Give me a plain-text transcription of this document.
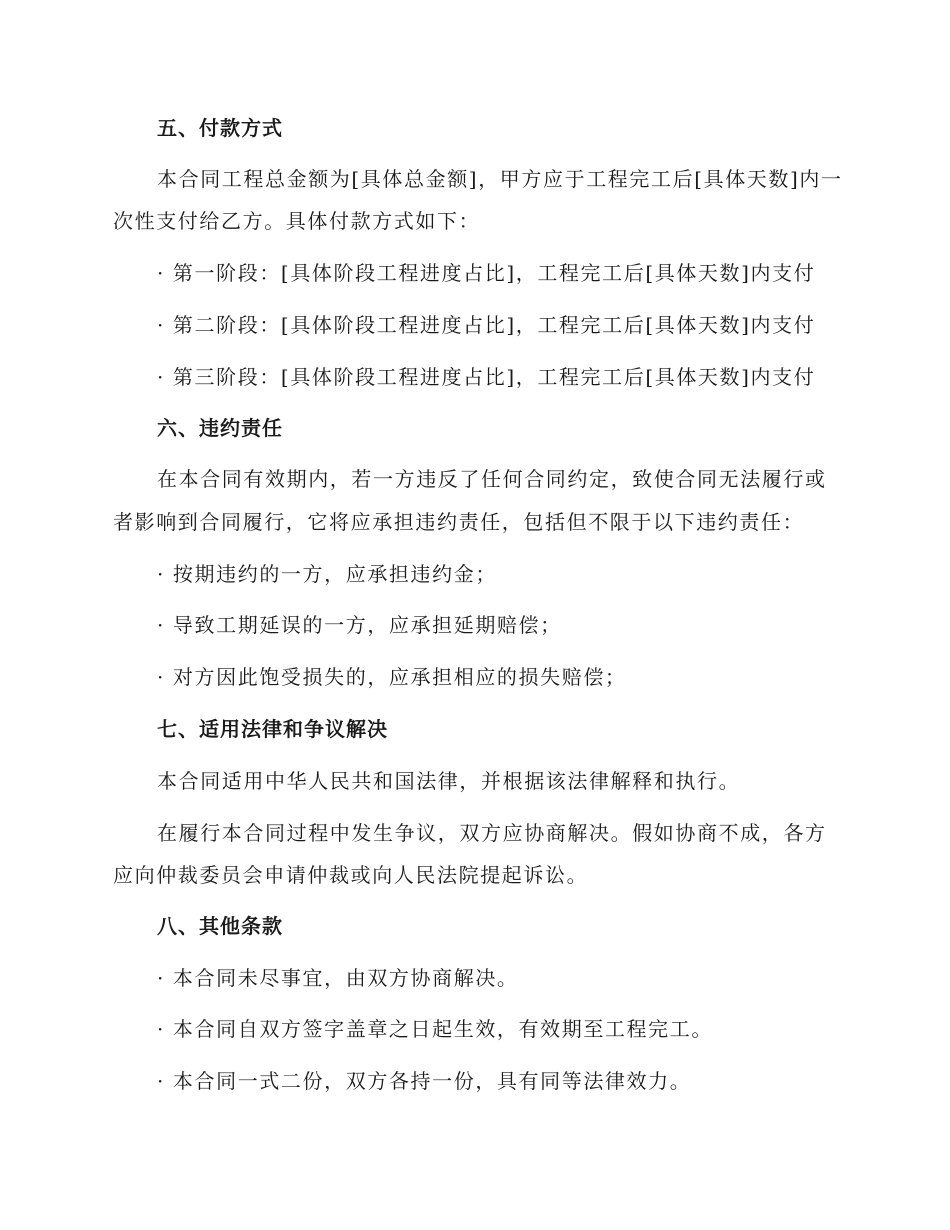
五、付款方式
本合同工程总金额为[具体总金额]，甲方应于工程完工后[具体天数]内一
次性支付给乙方。具体付款方式如下：
· 第一阶段：[具体阶段工程进度占比]，工程完工后[具体天数]内支付
· 第二阶段：[具体阶段工程进度占比]，工程完工后[具体天数]内支付
· 第三阶段：[具体阶段工程进度占比]，工程完工后[具体天数]内支付
六、违约责任
在本合同有效期内，若一方违反了任何合同约定，致使合同无法履行或
者影响到合同履行，它将应承担违约责任，包括但不限于以下违约责任：
· 按期违约的一方，应承担违约金；
· 导致工期延误的一方，应承担延期赔偿；
· 对方因此饱受损失的，应承担相应的损失赔偿；
七、适用法律和争议解决
本合同适用中华人民共和国法律，并根据该法律解释和执行。
在履行本合同过程中发生争议，双方应协商解决。假如协商不成，各方
应向仲裁委员会申请仲裁或向人民法院提起诉讼。
八、其他条款
· 本合同未尽事宜，由双方协商解决。
· 本合同自双方签字盖章之日起生效，有效期至工程完工。
· 本合同一式二份，双方各持一份，具有同等法律效力。
